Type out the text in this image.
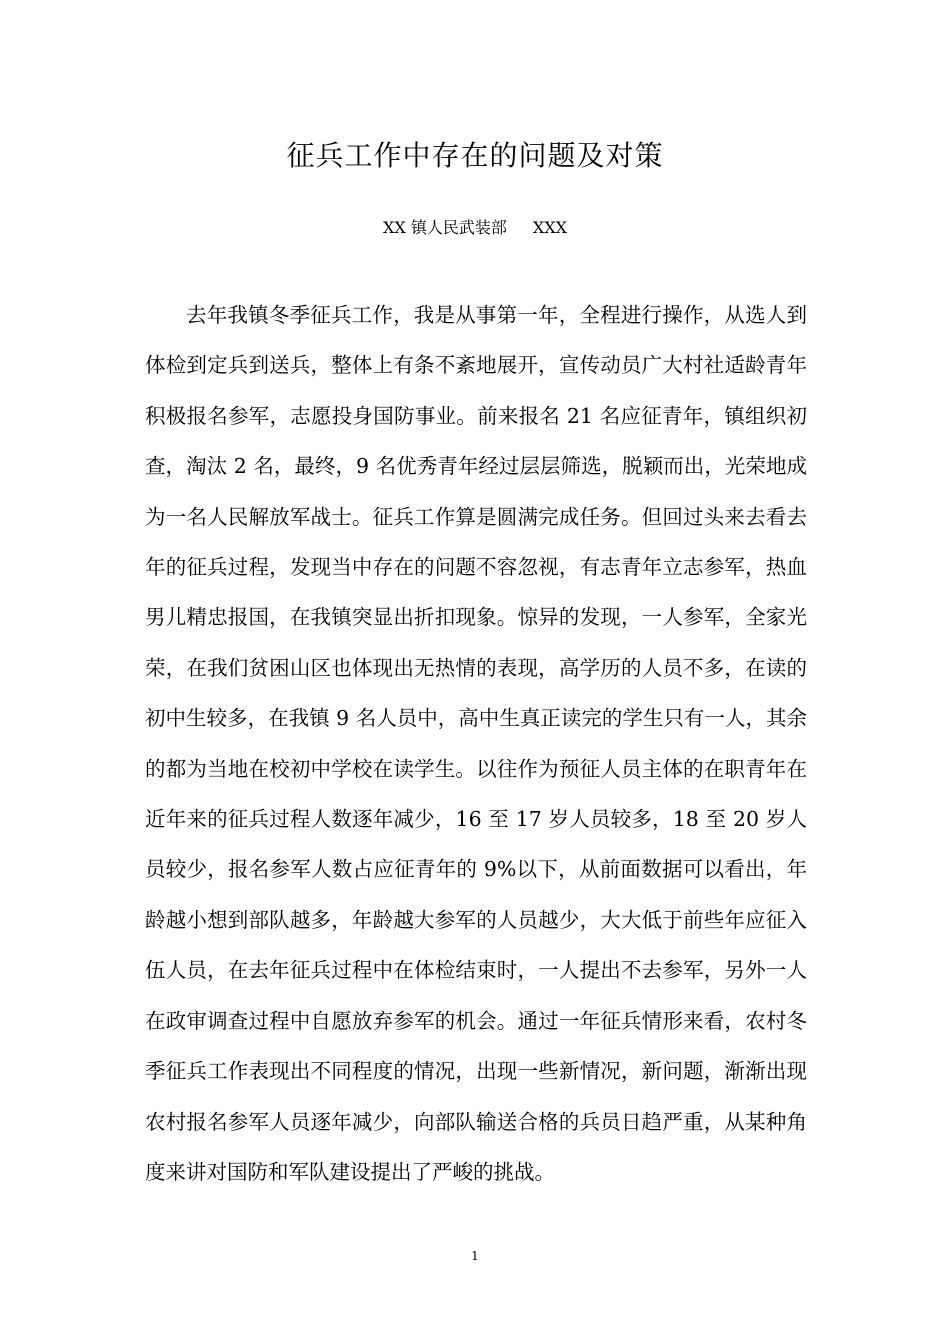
征兵工作中存在的问题及对策
XX 镇人民武装部 XXX

去年我镇冬季征兵工作，我是从事第一年，全程进行操作，从选人到体检到定兵到送兵，整体上有条不紊地展开，宣传动员广大村社适龄青年积极报名参军，志愿投身国防事业。前来报名 21 名应征青年，镇组织初查，淘汰 2 名，最终，9 名优秀青年经过层层筛选，脱颖而出，光荣地成为一名人民解放军战士。征兵工作算是圆满完成任务。但回过头来去看去年的征兵过程，发现当中存在的问题不容忽视，有志青年立志参军，热血男儿精忠报国，在我镇突显出折扣现象。惊异的发现，一人参军，全家光荣，在我们贫困山区也体现出无热情的表现，高学历的人员不多，在读的初中生较多，在我镇 9 名人员中，高中生真正读完的学生只有一人，其余的都为当地在校初中学校在读学生。以往作为预征人员主体的在职青年在近年来的征兵过程人数逐年减少，16 至 17 岁人员较多，18 至 20 岁人员较少，报名参军人数占应征青年的 9%以下，从前面数据可以看出，年龄越小想到部队越多，年龄越大参军的人员越少，大大低于前些年应征入伍人员，在去年征兵过程中在体检结束时，一人提出不去参军，另外一人在政审调查过程中自愿放弃参军的机会。通过一年征兵情形来看，农村冬季征兵工作表现出不同程度的情况，出现一些新情况，新问题，渐渐出现农村报名参军人员逐年减少，向部队输送合格的兵员日趋严重，从某种角度来讲对国防和军队建设提出了严峻的挑战。

1
